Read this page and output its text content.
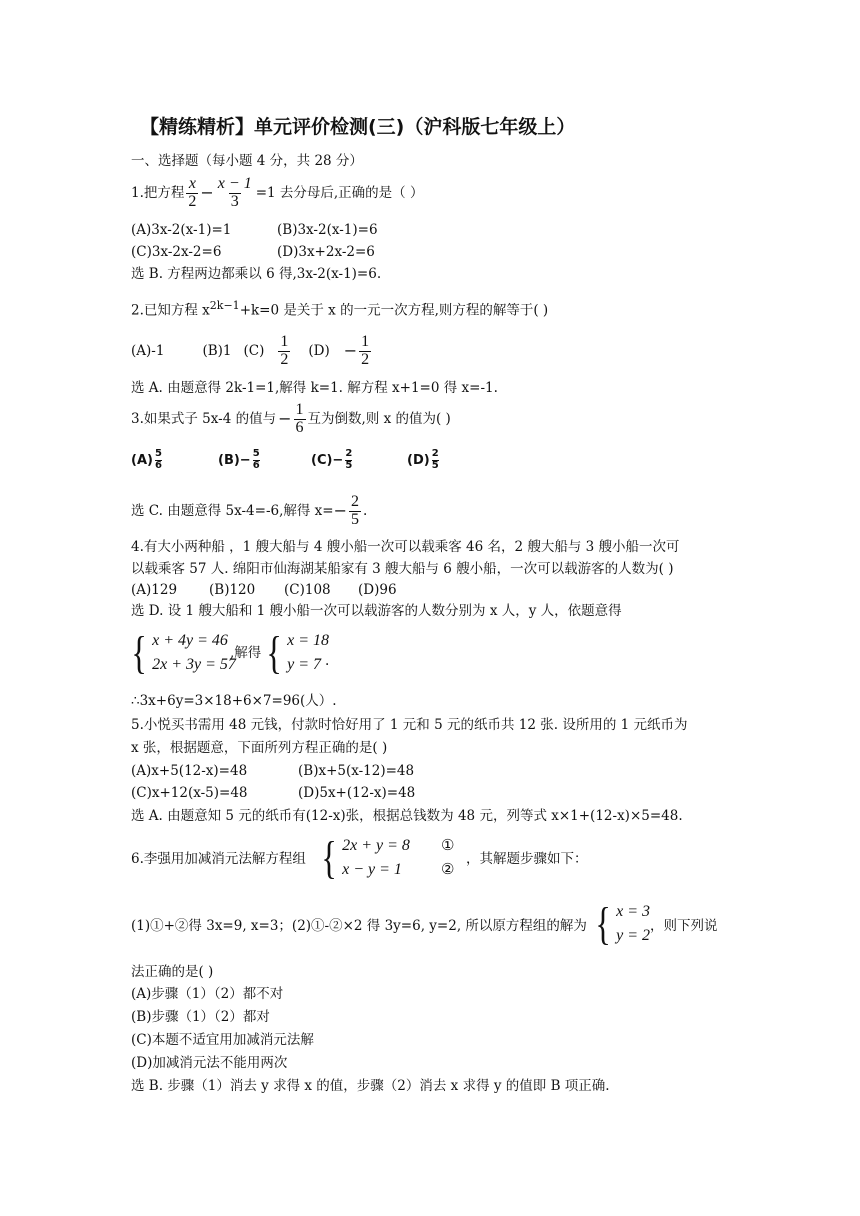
【精练精析】单元评价检测(三)（沪科版七年级上）
一、选择题（每小题 4 分，共 28 分）
1.把方程 $\frac{x}{2} - \frac{x - 1}{3} =1$ 去分母后,正确的是（ ）
(A)3x-2(x-1)=1	(B)3x-2(x-1)=6
(C)3x-2x-2=6	(D)3x+2x-2=6
选 B. 方程两边都乘以 6 得,3x-2(x-1)=6.
2.已知方程 $x^{2k-1}+k=0$ 是关于 x 的一元一次方程,则方程的解等于( )
(A)-1	(B)1 $(C) \frac{1}{2} (D) - \frac{1}{2}$
选 A. 由题意得 2k-1=1,解得 k=1. 解方程 x+1=0 得 x=-1.
3.如果式子 5x-4 的值与 − $\frac{1}{6}$ 互为倒数,则 x 的值为( )
(A) 5
6	$(B)- \frac{5}{6}$	$(C)- \frac{2}{5}$	(D) 2
5
选 C. 由题意得 5x-4=-6,解得 $x= - \frac{2}{5}$ .
4.有大小两种船 ，1 艘大船与 4 艘小船一次可以载乘客 46 名，2 艘大船与 3 艘小船一次可
以载乘客 57 人. 绵阳市仙海湖某船家有 3 艘大船与 6 艘小船，一次可以载游客的人数为( )
(A)129 (B)120 (C)108 (D)96
选 D. 设 1 艘大船和 1 艘小船一次可以载游客的人数分别为 x 人，y 人，依题意得
{ x + 4y = 46
2x + 3y = 57
,解得 { x = 18
y = 7 .
∴3x+6y=3×18+6×7=96(人）.
5.小悦买书需用 48 元钱，付款时恰好用了 1 元和 5 元的纸币共 12 张. 设所用的 1 元纸币为
x 张，根据题意，下面所列方程正确的是( )
(A)x+5(12-x)=48	(B)x+5(x-12)=48
(C)x+12(x-5)=48	(D)5x+(12-x)=48
选 A. 由题意知 5 元的纸币有(12-x)张，根据总钱数为 48 元，列等式 x×1+(12-x)×5=48.
6.李强用加减消元法解方程组 { 2x + y = 8
x − y = 1
①
②
，其解题步骤如下：
(1)①+②得 3x=9, x=3；(2)①-②×2 得 3y=6, y=2, 所以原方程组的解为 { x = 3
y = 2
，则下列说
法正确的是( )
(A)步骤（1）（2）都不对
(B)步骤（1）（2）都对
(C)本题不适宜用加减消元法解
(D)加减消元法不能用两次
选 B. 步骤（1）消去 y 求得 x 的值，步骤（2）消去 x 求得 y 的值即 B 项正确.
